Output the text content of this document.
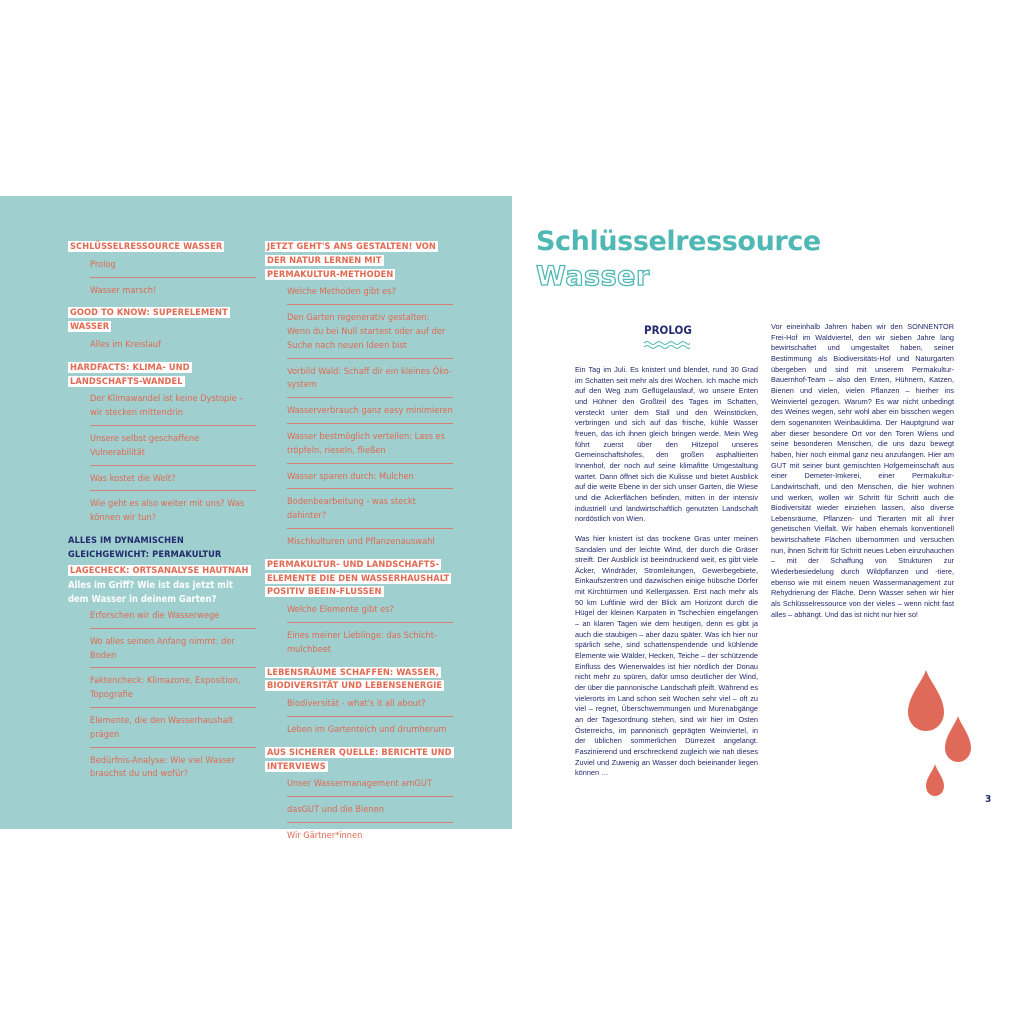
SCHLÜSSELRESSOURCE WASSER
Prolog
Wasser marsch!
GOOD TO KNOW: SUPERELEMENT WASSER
Alles im Kreislauf
HARDFACTS: KLIMA- UND LANDSCHAFTS-WANDEL
Der Klimawandel ist keine Dystopie – wir stecken mittendrin
Unsere selbst geschaffene Vulnerabilität
Was kostet die Welt?
Wie geht es also weiter mit uns? Was können wir tun?
ALLES IM DYNAMISCHEN GLEICHGEWICHT: PERMAKULTUR
LAGECHECK: ORTSANALYSE HAUTNAH
Alles im Griff? Wie ist das jetzt mit dem Wasser in deinem Garten?
Erforschen wir die Wasserwege
Wo alles seinen Anfang nimmt: der Boden
Faktencheck: Klimazone, Exposition, Topografie
Elemente, die den Wasserhaushalt prägen
Bedürfnis-Analyse: Wie viel Wasser brauchst du und wofür?
JETZT GEHT'S ANS GESTALTEN! VON DER NATUR LERNEN MIT PERMAKULTUR-METHODEN
Welche Methoden gibt es?
Den Garten regenerativ gestalten: Wenn du bei Null startest oder auf der Suche nach neuen Ideen bist
Vorbild Wald: Schaff dir ein kleines Öko-system
Wasserverbrauch ganz easy minimieren
Wasser bestmöglich verteilen: Lass es tröpfeln, rieseln, fließen
Wasser sparen durch: Mulchen
Bodenbearbeitung - was steckt dahinter?
Mischkulturen und Pflanzenauswahl
PERMAKULTUR- UND LANDSCHAFTS-ELEMENTE DIE DEN WASSERHAUSHALT POSITIV BEEIN-FLUSSEN
Welche Elemente gibt es?
Eines meiner Lieblinge: das Schicht-mulchbeet
LEBENSRÄUME SCHAFFEN: WASSER, BIODIVERSITÄT UND LEBENSENERGIE
Biodiversität - what's it all about?
Leben im Gartenteich und drumherum
AUS SICHERER QUELLE: BERICHTE UND INTERVIEWS
Unser Wassermanagement amGUT
dasGUT und die Bienen
Wir Gärtner*innen
Schlüsselressource
Wasser
PROLOG

Ein Tag im Juli. Es knistert und blendet, rund 30 Grad im Schatten seit mehr als drei Wochen. Ich mache mich auf den Weg zum Geflügelauslauf, wo unsere Enten und Hühner den Großteil des Tages im Schatten, versteckt unter dem Stall und den Weinstöcken, verbringen und sich auf das frische, kühle Wasser freuen, das ich ihnen gleich bringen werde. Mein Weg führt zuerst über den Hitzepol unseres Gemeinschaftshofes, den großen asphaltierten Innenhof, der noch auf seine klimafitte Umgestaltung wartet. Dann öffnet sich die Kulisse und bietet Ausblick auf die weite Ebene in der sich unser Garten, die Wiese und die Ackerflächen befinden, mitten in der intensiv industriell und landwirtschaftlich genutzten Landschaft nordöstlich von Wien.

Was hier knistert ist das trockene Gras unter meinen Sandalen und der leichte Wind, der durch die Gräser streift. Der Ausblick ist beeindruckend weit, es gibt viele Äcker, Windräder, Stromleitungen, Gewerbegebiete, Einkaufszentren und dazwischen einige hübsche Dörfer mit Kirchtürmen und Kellergassen. Erst nach mehr als 50 km Luftlinie wird der Blick am Horizont durch die Hügel der kleinen Karpaten in Tschechien eingefangen – an klaren Tagen wie dem heutigen, denn es gibt ja auch die staubigen – aber dazu später. Was ich hier nur spärlich sehe, sind schattenspendende und kühlende Elemente wie Wälder, Hecken, Teiche – der schützende Einfluss des Wienerwaldes ist hier nördlich der Donau nicht mehr zu spüren, dafür umso deutlicher der Wind, der über die pannonische Landschaft pfeift. Während es vielerorts im Land schon seit Wochen sehr viel – oft zu viel – regnet, Überschwemmungen und Murenabgänge an der Tagesordnung stehen, sind wir hier im Osten Österreichs, im pannonisch geprägten Weinviertel, in der üblichen sommerlichen Dürrezeit angelangt. Faszinierend und erschreckend zugleich wie nah dieses Zuviel und Zuwenig an Wasser doch beieinander liegen können …

Vor eineinhalb Jahren haben wir den SONNENTOR Frei-Hof im Waldviertel, den wir sieben Jahre lang bewirtschaftet und umgestaltet haben, seiner Bestimmung als Biodiversitäts-Hof und Naturgarten übergeben und sind mit unserem Permakultur-Bauernhof-Team – also den Enten, Hühnern, Katzen, Bienen und vielen, vielen Pflanzen – hierher ins Weinviertel gezogen. Warum? Es war nicht unbedingt des Weines wegen, sehr wohl aber ein bisschen wegen dem sogenannten Weinbauklima. Der Hauptgrund war aber dieser besondere Ort vor den Toren Wiens und seine besonderen Menschen, die uns dazu bewegt haben, hier noch einmal ganz neu anzufangen. Hier am GUT mit seiner bunt gemischten Hofgemeinschaft aus einer Demeter-Imkerei, einer Permakultur-Landwirtschaft, und den Menschen, die hier wohnen und werken, wollen wir Schritt für Schritt auch die Biodiversität wieder einziehen lassen, also diverse Lebensräume, Pflanzen- und Tierarten mit all ihrer genetischen Vielfalt. Wir haben ehemals konventionell bewirtschaftete Flächen übernommen und versuchen nun, ihnen Schritt für Schritt neues Leben einzuhauchen – mit der Schaffung von Strukturen zur Wiederbesiedelung durch Wildpflanzen und -tiere, ebenso wie mit einem neuen Wassermanagement zur Rehydrierung der Fläche. Denn Wasser sehen wir hier als Schlüsselressource von der vieles – wenn nicht fast alles – abhängt. Und das ist nicht nur hier so!

3
